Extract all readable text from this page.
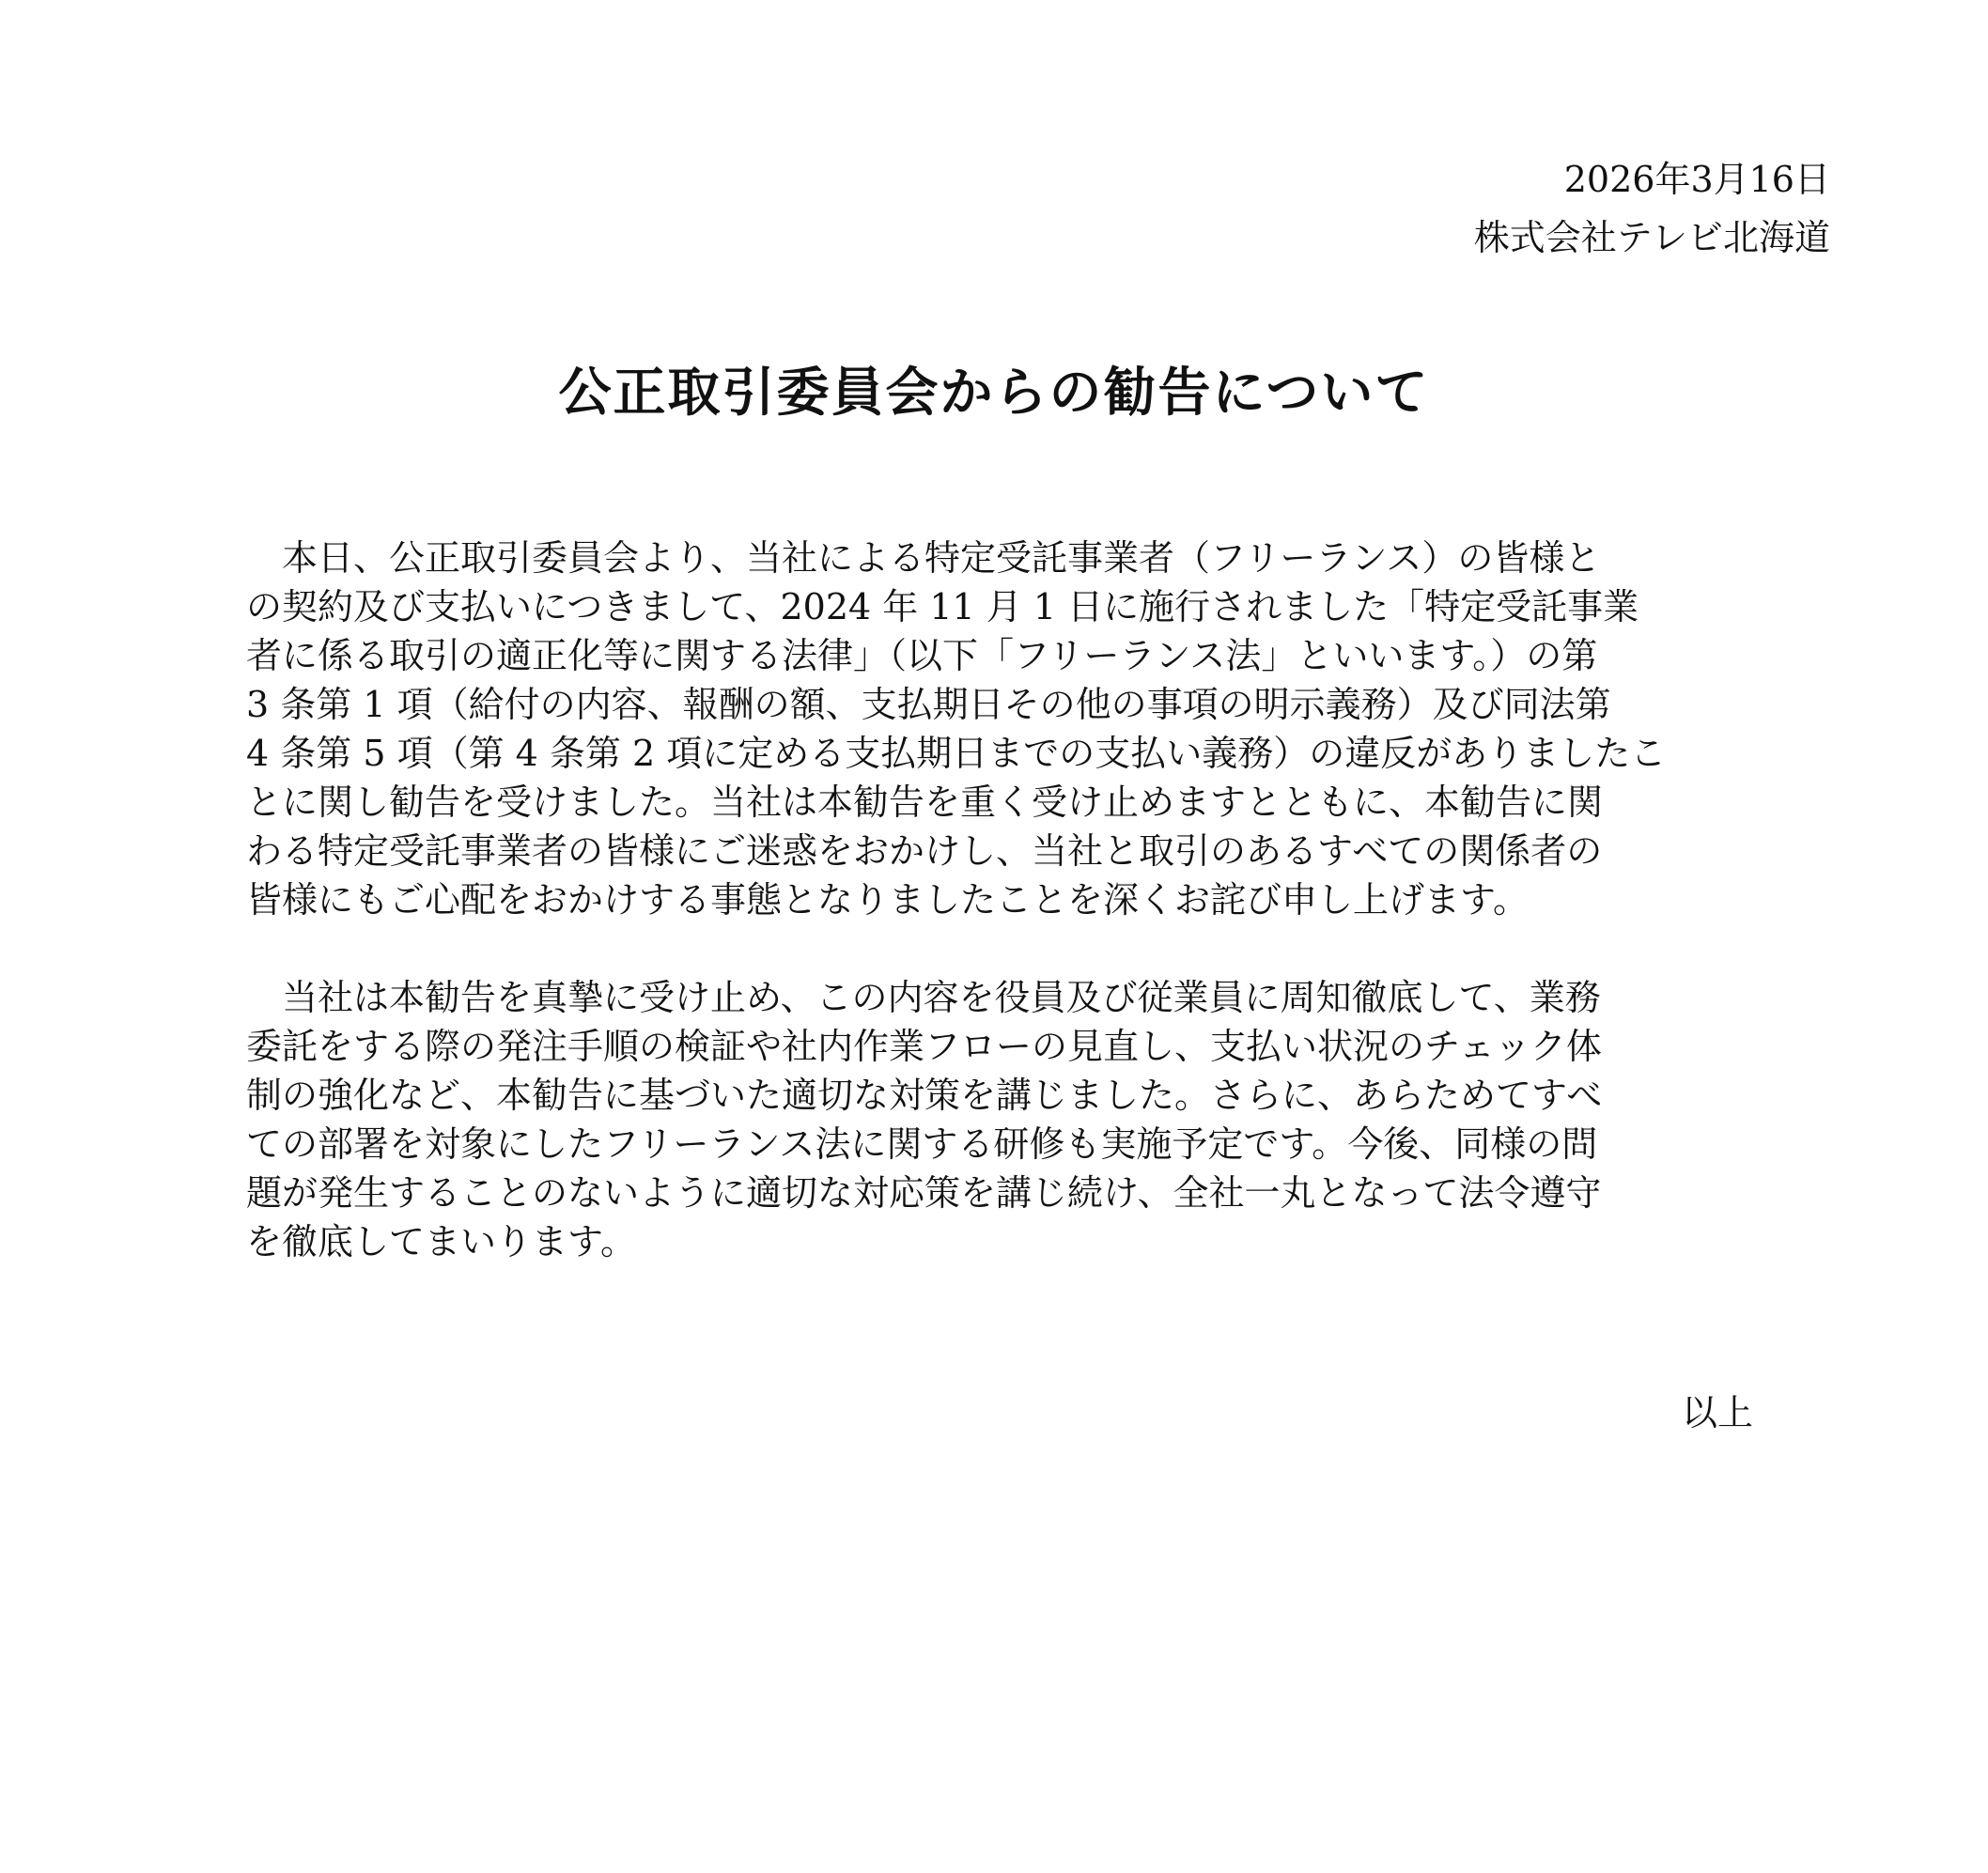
2026年3月16日
株式会社テレビ北海道
公正取引委員会からの勧告について

　本日、公正取引委員会より、当社による特定受託事業者（フリーランス）の皆様と

の契約及び支払いにつきまして、2024 年 11 月 1 日に施行されました「特定受託事業

者に係る取引の適正化等に関する法律」（以下「フリーランス法」といいます。）の第

3 条第 1 項（給付の内容、報酬の額、支払期日その他の事項の明示義務）及び同法第

4 条第 5 項（第 4 条第 2 項に定める支払期日までの支払い義務）の違反がありましたこ

とに関し勧告を受けました。当社は本勧告を重く受け止めますとともに、本勧告に関

わる特定受託事業者の皆様にご迷惑をおかけし、当社と取引のあるすべての関係者の

皆様にもご心配をおかけする事態となりましたことを深くお詫び申し上げます。

　当社は本勧告を真摯に受け止め、この内容を役員及び従業員に周知徹底して、業務

委託をする際の発注手順の検証や社内作業フローの見直し、支払い状況のチェック体

制の強化など、本勧告に基づいた適切な対策を講じました。さらに、あらためてすべ

ての部署を対象にしたフリーランス法に関する研修も実施予定です。今後、同様の問

題が発生することのないように適切な対応策を講じ続け、全社一丸となって法令遵守

を徹底してまいります。

以上
